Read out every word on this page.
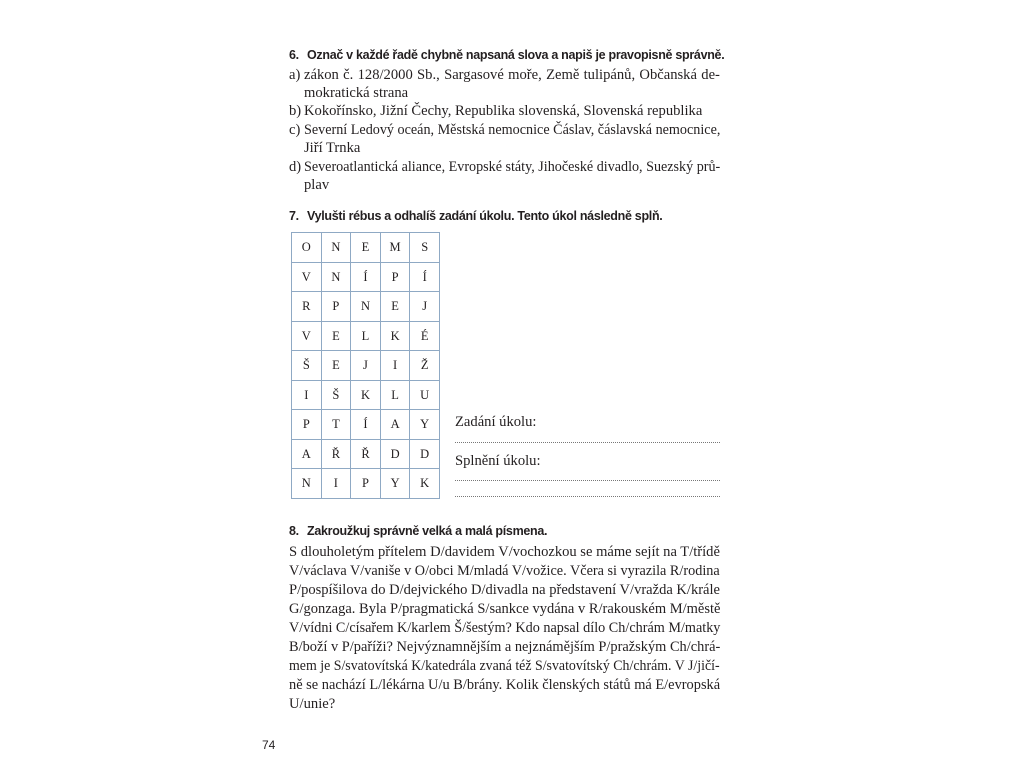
6. Označ v každé řadě chybně napsaná slova a napiš je pravopisně správně.
a) zákon č. 128/2000 Sb., Sargasové moře, Země tulipánů, Občanská de-
mokratická strana
b) Kokořínsko, Jižní Čechy, Republika slovenská, Slovenská republika
c) Severní Ledový oceán, Městská nemocnice Čáslav, čáslavská nemocnice,
Jiří Trnka
d) Severoatlantická aliance, Evropské státy, Jihočeské divadlo, Suezský prů-
plav
7. Vylušti rébus a odhalíš zadání úkolu. Tento úkol následně splň.
O	N	E	M	S
V	N	Í	P	Í
R	P	N	E	J
V	E	L	K	É
Š	E	J	I	Ž
I	Š	K	L	U
P	T	Í	A	Y
A	Ř	Ř	D	D
N	I	P	Y	K
Zadání úkolu:
Splnění úkolu:
8. Zakroužkuj správně velká a malá písmena.
S dlouholetým přítelem D/davidem V/vochozkou se máme sejít na T/třídě
V/václava V/vaniše v O/obci M/mladá V/vožice. Včera si vyrazila R/rodina
P/pospíšilova do D/dejvického D/divadla na představení V/vražda K/krále
G/gonzaga. Byla P/pragmatická S/sankce vydána v R/rakouském M/městě
V/vídni C/císařem K/karlem Š/šestým? Kdo napsal dílo Ch/chrám M/matky
B/boží v P/paříži? Nejvýznamnějším a nejznámějším P/pražským Ch/chrá-
mem je S/svatovítská K/katedrála zvaná též S/svatovítský Ch/chrám. V J/jičí-
ně se nachází L/lékárna U/u B/brány. Kolik členských států má E/evropská
U/unie?
74
